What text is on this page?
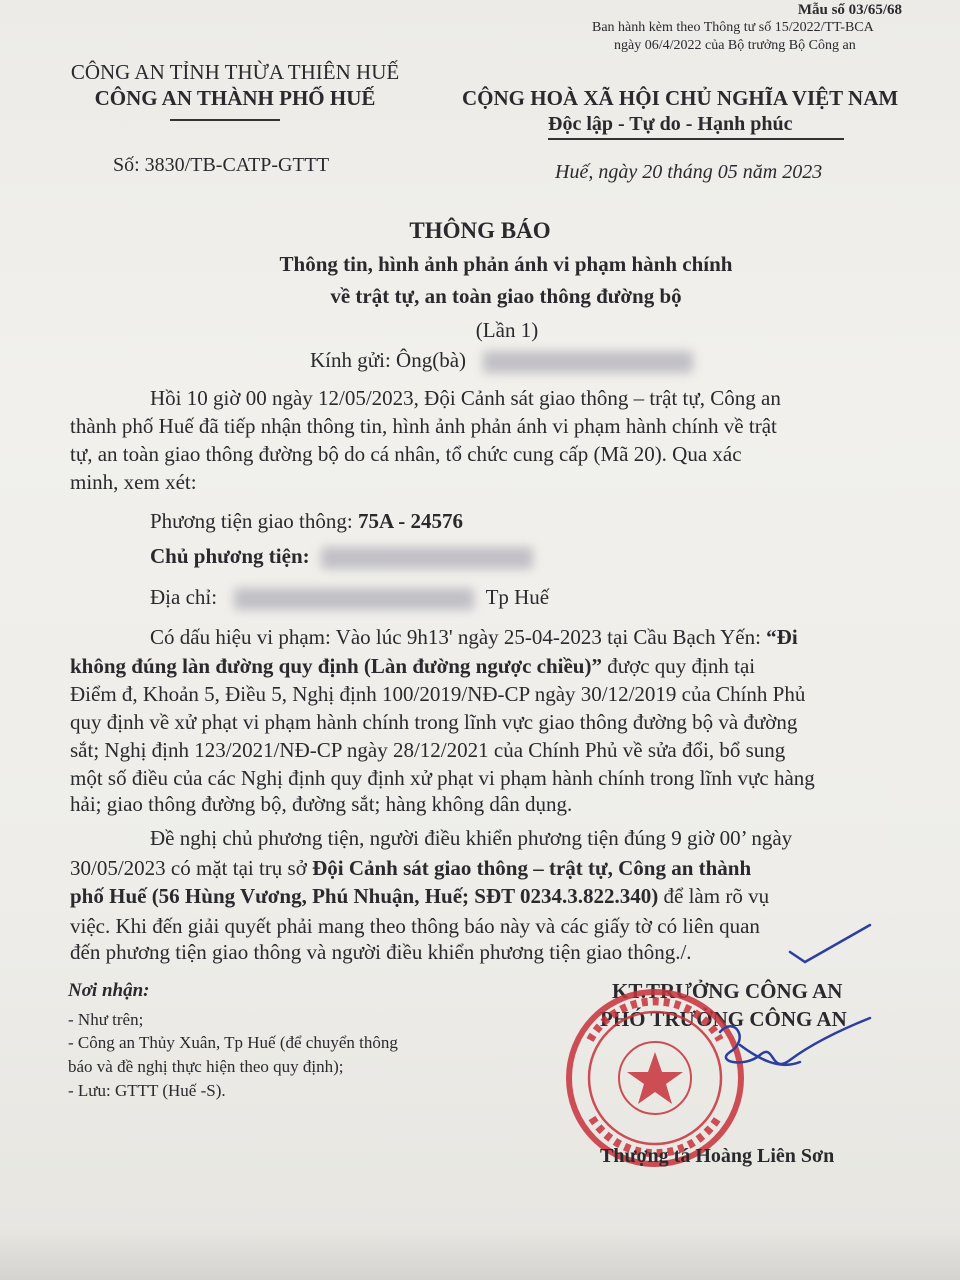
Mẫu số 03/65/68
Ban hành kèm theo Thông tư số 15/2022/TT-BCA
ngày 06/4/2022 của Bộ trưởng Bộ Công an
CÔNG AN TỈNH THỪA THIÊN HUẾ
CÔNG AN THÀNH PHỐ HUẾ	CỘNG HOÀ XÃ HỘI CHỦ NGHĨA VIỆT NAM
Độc lập - Tự do - Hạnh phúc
Số: 3830/TB-CATP-GTTT	Huế, ngày 20 tháng 05 năm 2023
THÔNG BÁO
Thông tin, hình ảnh phản ánh vi phạm hành chính
về trật tự, an toàn giao thông đường bộ
(Lần 1)
Kính gửi: Ông(bà)
Hồi 10 giờ 00 ngày 12/05/2023, Đội Cảnh sát giao thông – trật tự, Công an
thành phố Huế đã tiếp nhận thông tin, hình ảnh phản ánh vi phạm hành chính về trật
tự, an toàn giao thông đường bộ do cá nhân, tổ chức cung cấp (Mã 20). Qua xác
minh, xem xét:
Phương tiện giao thông: 75A - 24576
Chủ phương tiện:
Địa chỉ:	Tp Huế
Có dấu hiệu vi phạm: Vào lúc 9h13' ngày 25-04-2023 tại Cầu Bạch Yến: “Đi
không đúng làn đường quy định (Làn đường ngược chiều)” được quy định tại
Điểm đ, Khoản 5, Điều 5, Nghị định 100/2019/NĐ-CP ngày 30/12/2019 của Chính Phủ
quy định về xử phạt vi phạm hành chính trong lĩnh vực giao thông đường bộ và đường
sắt; Nghị định 123/2021/NĐ-CP ngày 28/12/2021 của Chính Phủ về sửa đổi, bổ sung
một số điều của các Nghị định quy định xử phạt vi phạm hành chính trong lĩnh vực hàng
hải; giao thông đường bộ, đường sắt; hàng không dân dụng.
Đề nghị chủ phương tiện, người điều khiển phương tiện đúng 9 giờ 00’ ngày
30/05/2023 có mặt tại trụ sở Đội Cảnh sát giao thông – trật tự, Công an thành
phố Huế (56 Hùng Vương, Phú Nhuận, Huế; SĐT 0234.3.822.340) để làm rõ vụ
việc. Khi đến giải quyết phải mang theo thông báo này và các giấy tờ có liên quan
đến phương tiện giao thông và người điều khiển phương tiện giao thông./.
Nơi nhận:
- Như trên;
- Công an Thủy Xuân, Tp Huế (để chuyển thông
báo và đề nghị thực hiện theo quy định);
- Lưu: GTTT (Huế -S).
KT.TRƯỞNG CÔNG AN
PHÓ TRƯỞNG CÔNG AN
Thượng tá Hoàng Liên Sơn
